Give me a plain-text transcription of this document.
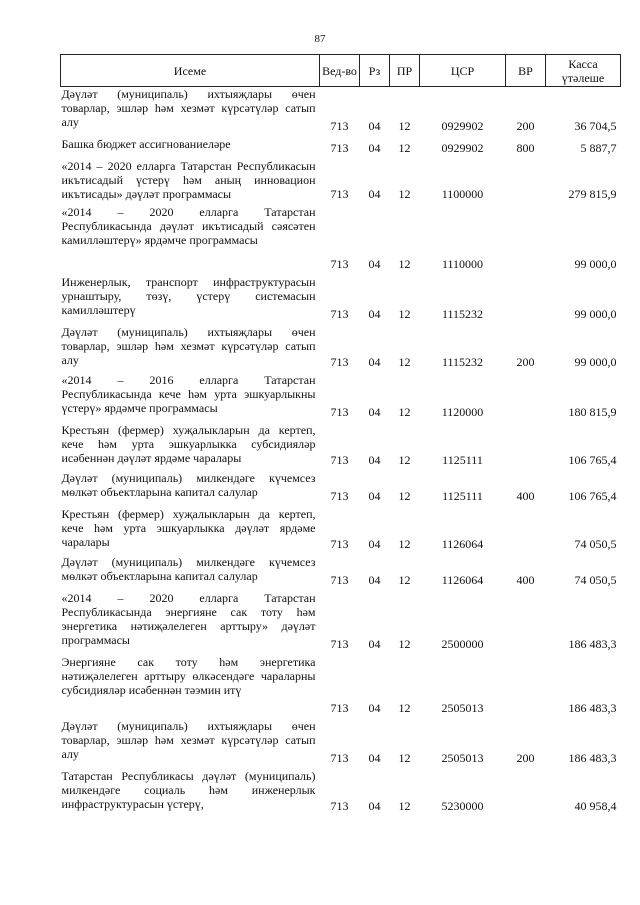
87
Исеме	Вед-во	Рз	ПР	ЦСР	ВР	Касса үтәлеше
Дәүләт (муниципаль) ихтыяҗлары өчен товарлар, эшләр һәм хезмәт күрсәтүләр сатып алу	713	04	12	0929902	200	36 704,5
Башка бюджет ассигнованиеләре	713	04	12	0929902	800	5 887,7
«2014 – 2020 елларга Татарстан Республикасын икътисадый үстерү һәм аның инновацион икътисады» дәүләт программасы	713	04	12	1100000		279 815,9
«2014 – 2020 елларга Татарстан Республикасында дәүләт икътисадый сәясәтен камилләштерү» ярдәмче программасы	713	04	12	1110000		99 000,0
Инженерлык, транспорт инфраструктурасын урнаштыру, төзү, үстерү системасын камилләштерү	713	04	12	1115232		99 000,0
Дәүләт (муниципаль) ихтыяҗлары өчен товарлар, эшләр һәм хезмәт күрсәтүләр сатып алу	713	04	12	1115232	200	99 000,0
«2014 – 2016 елларга Татарстан Республикасында кече һәм урта эшкуарлыкны үстерү» ярдәмче программасы	713	04	12	1120000		180 815,9
Крестьян (фермер) хуҗалыкларын да кертеп, кече һәм урта эшкуарлыкка субсидияләр исәбеннән дәүләт ярдәме чаралары	713	04	12	1125111		106 765,4
Дәүләт (муниципаль) милкендәге күчемсез мөлкәт объектларына капитал салулар	713	04	12	1125111	400	106 765,4
Крестьян (фермер) хуҗалыкларын да кертеп, кече һәм урта эшкуарлыкка дәүләт ярдәме чаралары	713	04	12	1126064		74 050,5
Дәүләт (муниципаль) милкендәге күчемсез мөлкәт объектларына капитал салулар	713	04	12	1126064	400	74 050,5
«2014 – 2020 елларга Татарстан Республикасында энергияне сак тоту һәм энергетика нәтиҗәлелеген арттыру» дәүләт программасы	713	04	12	2500000		186 483,3
Энергияне сак тоту һәм энергетика нәтиҗәлелеген арттыру өлкәсендәге чараларны субсидияләр исәбеннән тәэмин итү	713	04	12	2505013		186 483,3
Дәүләт (муниципаль) ихтыяҗлары өчен товарлар, эшләр һәм хезмәт күрсәтүләр сатып алу	713	04	12	2505013	200	186 483,3
Татарстан Республикасы дәүләт (муниципаль) милкендәге социаль һәм инженерлык инфраструктурасын үстерү,	713	04	12	5230000		40 958,4
